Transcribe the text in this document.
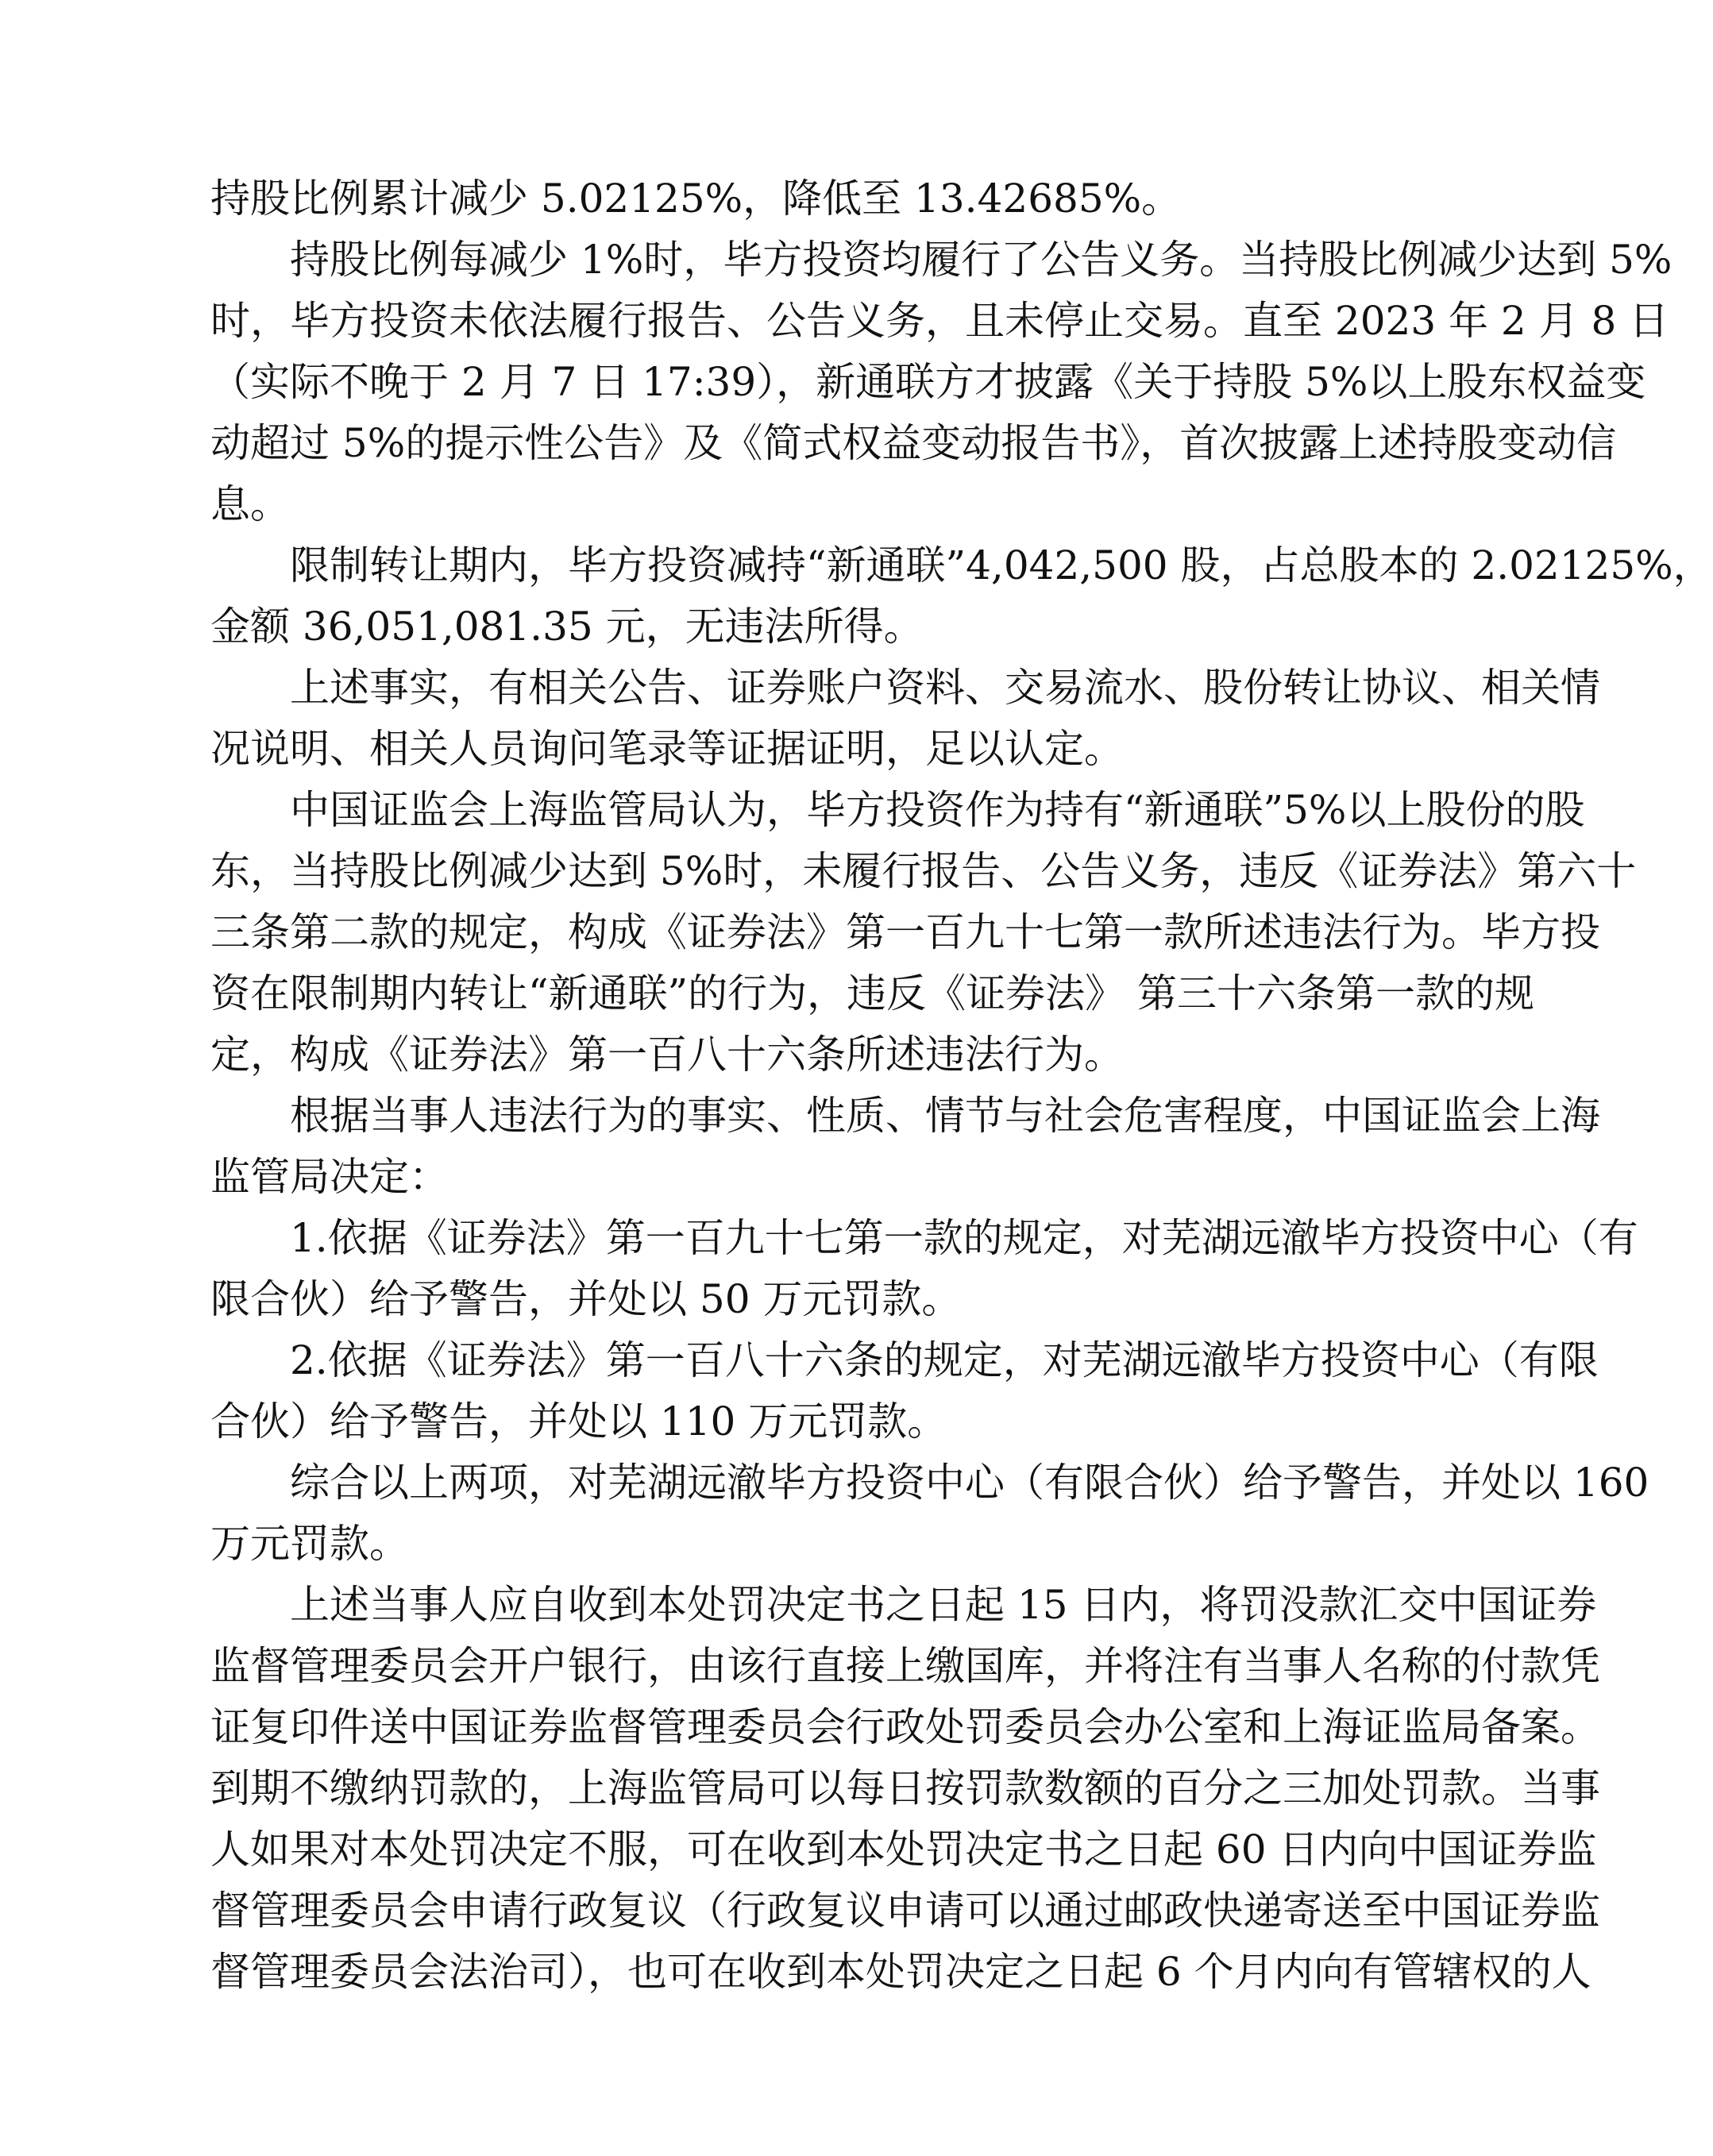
持股比例累计减少 5.02125%，降低至 13.42685%。
持股比例每减少 1%时，毕方投资均履行了公告义务。当持股比例减少达到 5%
时，毕方投资未依法履行报告、公告义务，且未停止交易。直至 2023 年 2 月 8 日
（实际不晚于 2 月 7 日 17:39），新通联方才披露《关于持股 5%以上股东权益变
动超过 5%的提示性公告》及《简式权益变动报告书》，首次披露上述持股变动信
息。
限制转让期内，毕方投资减持“新通联”4,042,500 股，占总股本的 2.02125%，
金额 36,051,081.35 元，无违法所得。
上述事实，有相关公告、证券账户资料、交易流水、股份转让协议、相关情
况说明、相关人员询问笔录等证据证明，足以认定。
中国证监会上海监管局认为，毕方投资作为持有“新通联”5%以上股份的股
东，当持股比例减少达到 5%时，未履行报告、公告义务，违反《证券法》第六十
三条第二款的规定，构成《证券法》第一百九十七第一款所述违法行为。毕方投
资在限制期内转让“新通联”的行为，违反《证券法》 第三十六条第一款的规
定，构成《证券法》第一百八十六条所述违法行为。
根据当事人违法行为的事实、性质、情节与社会危害程度，中国证监会上海
监管局决定：
1.依据《证券法》第一百九十七第一款的规定，对芜湖远澈毕方投资中心（有
限合伙）给予警告，并处以 50 万元罚款。
2.依据《证券法》第一百八十六条的规定，对芜湖远澈毕方投资中心（有限
合伙）给予警告，并处以 110 万元罚款。
综合以上两项，对芜湖远澈毕方投资中心（有限合伙）给予警告，并处以 160
万元罚款。
上述当事人应自收到本处罚决定书之日起 15 日内，将罚没款汇交中国证券
监督管理委员会开户银行，由该行直接上缴国库，并将注有当事人名称的付款凭
证复印件送中国证券监督管理委员会行政处罚委员会办公室和上海证监局备案。
到期不缴纳罚款的，上海监管局可以每日按罚款数额的百分之三加处罚款。当事
人如果对本处罚决定不服，可在收到本处罚决定书之日起 60 日内向中国证券监
督管理委员会申请行政复议（行政复议申请可以通过邮政快递寄送至中国证券监
督管理委员会法治司），也可在收到本处罚决定之日起 6 个月内向有管辖权的人
